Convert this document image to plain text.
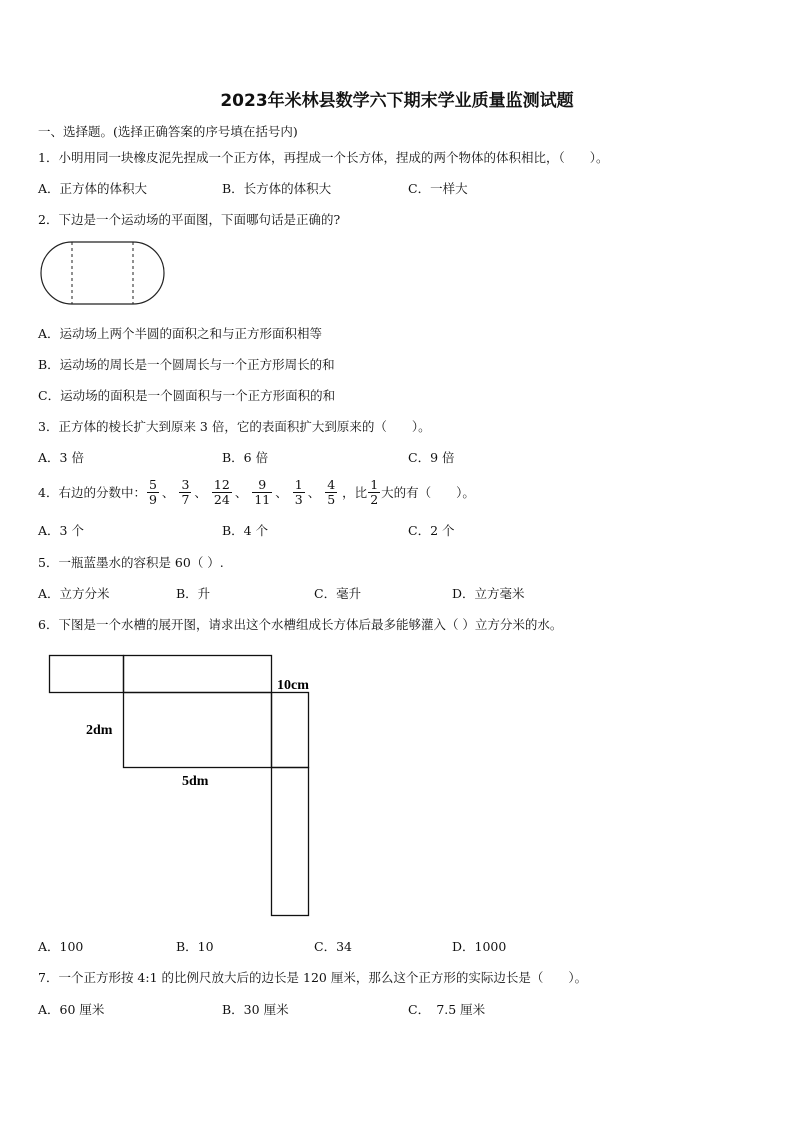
2023年米林县数学六下期末学业质量监测试题
一、选择题。(选择正确答案的序号填在括号内)
1．小明用同一块橡皮泥先捏成一个正方体，再捏成一个长方体，捏成的两个物体的体积相比，（　　）。
A．正方体的体积大	B．长方体的体积大	C．一样大
2．下边是一个运动场的平面图，下面哪句话是正确的?
A．运动场上两个半圆的面积之和与正方形面积相等
B．运动场的周长是一个圆周长与一个正方形周长的和
C．运动场的面积是一个圆面积与一个正方形面积的和
3．正方体的棱长扩大到原来 3 倍，它的表面积扩大到原来的（　　）。
A．3 倍	B．6 倍	C．9 倍
4．右边的分数中： $\frac{5}{9}$ 、 $\frac{3}{7}$ 、 $\frac{12}{24}$ 、 $\frac{9}{11}$ 、 $\frac{1}{3}$ 、 $\frac{4}{5}$ ，比 $\frac{1}{2}$ 大的有（　　）。
A．3 个	B．4 个	C．2 个
5．一瓶蓝墨水的容积是 60（ ）.
A．立方分米	B．升	C．毫升	D．立方毫米
6．下图是一个水槽的展开图，请求出这个水槽组成长方体后最多能够灌入（ ）立方分米的水。
10cm
2dm
5dm
A．100	B．10	C．34	D．1000
7．一个正方形按 4:1 的比例尺放大后的边长是 120 厘米，那么这个正方形的实际边长是（　　）。
A．60 厘米	B．30 厘米	C．　7.5 厘米
